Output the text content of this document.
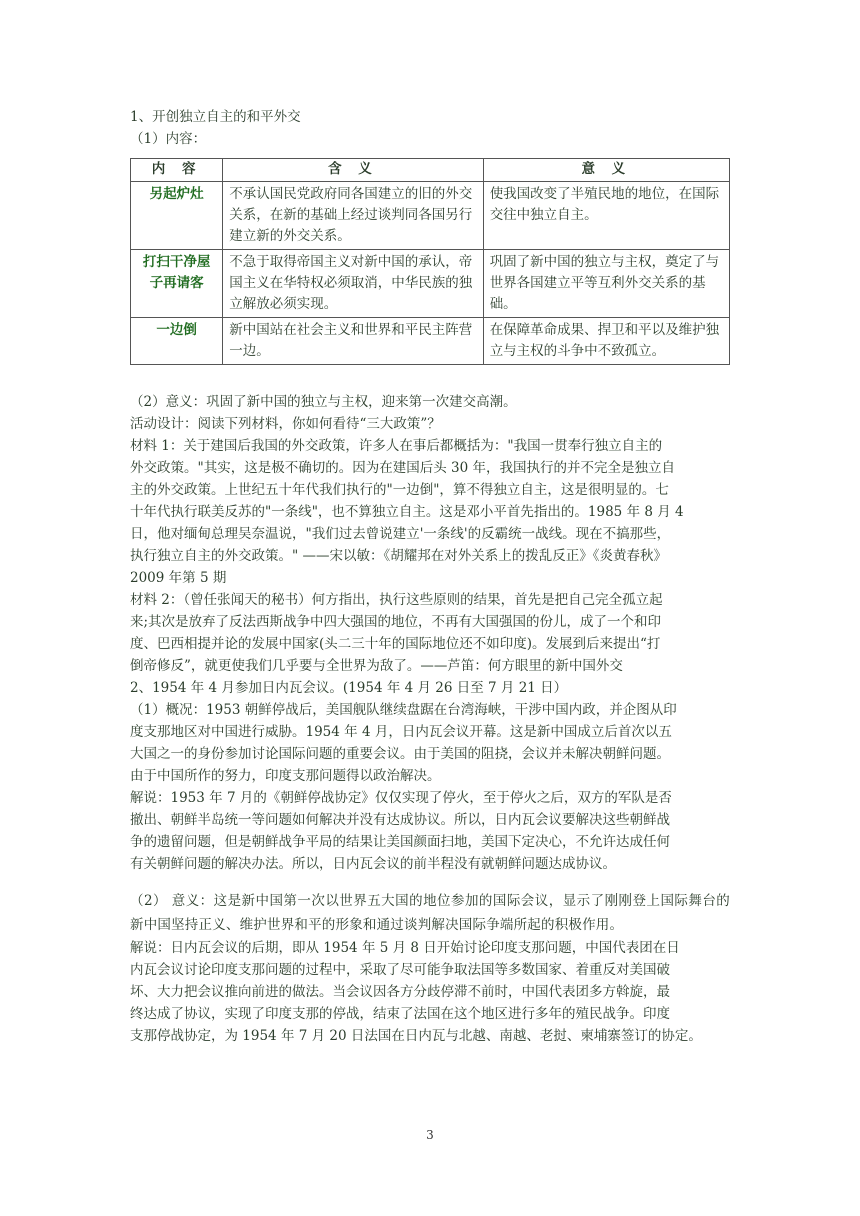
1、开创独立自主的和平外交
（1）内容：
内 容	含 义	意 义
另起炉灶	不承认国民党政府同各国建立的旧的外交关系，在新的基础上经过谈判同各国另行建立新的外交关系。	使我国改变了半殖民地的地位，在国际交往中独立自主。
打扫干净屋子再请客	不急于取得帝国主义对新中国的承认，帝国主义在华特权必须取消，中华民族的独立解放必须实现。	巩固了新中国的独立与主权，奠定了与世界各国建立平等互利外交关系的基础。
一边倒	新中国站在社会主义和世界和平民主阵营一边。	在保障革命成果、捍卫和平以及维护独立与主权的斗争中不致孤立。
（2）意义：巩固了新中国的独立与主权，迎来第一次建交高潮。
活动设计：阅读下列材料，你如何看待“三大政策”？
材料 1：关于建国后我国的外交政策，许多人在事后都概括为："我国一贯奉行独立自主的
外交政策。"其实，这是极不确切的。因为在建国后头 30 年，我国执行的并不完全是独立自
主的外交政策。上世纪五十年代我们执行的"一边倒"，算不得独立自主，这是很明显的。七
十年代执行联美反苏的"一条线"，也不算独立自主。这是邓小平首先指出的。1985 年 8 月 4
日，他对缅甸总理吴奈温说，"我们过去曾说建立'一条线'的反霸统一战线。现在不搞那些，
执行独立自主的外交政策。" ——宋以敏：《胡耀邦在对外关系上的拨乱反正》《炎黄春秋》
2009 年第 5 期
材料 2：（曾任张闻天的秘书）何方指出，执行这些原则的结果，首先是把自己完全孤立起
来;其次是放弃了反法西斯战争中四大强国的地位，不再有大国强国的份儿，成了一个和印
度、巴西相提并论的发展中国家(头二三十年的国际地位还不如印度)。发展到后来提出“打
倒帝修反”，就更使我们几乎要与全世界为敌了。——芦笛：何方眼里的新中国外交
2、1954 年 4 月参加日内瓦会议。(1954 年 4 月 26 日至 7 月 21 日）
（1）概况：1953 朝鲜停战后，美国舰队继续盘踞在台湾海峡，干涉中国内政，并企图从印
度支那地区对中国进行威胁。1954 年 4 月，日内瓦会议开幕。这是新中国成立后首次以五
大国之一的身份参加讨论国际问题的重要会议。由于美国的阻挠，会议并未解决朝鲜问题。
由于中国所作的努力，印度支那问题得以政治解决。
解说：1953 年 7 月的《朝鲜停战协定》仅仅实现了停火，至于停火之后，双方的军队是否
撤出、朝鲜半岛统一等问题如何解决并没有达成协议。所以，日内瓦会议要解决这些朝鲜战
争的遗留问题，但是朝鲜战争平局的结果让美国颜面扫地，美国下定决心，不允许达成任何
有关朝鲜问题的解决办法。所以，日内瓦会议的前半程没有就朝鲜问题达成协议。
（2） 意义：这是新中国第一次以世界五大国的地位参加的国际会议，显示了刚刚登上国际舞台的新中国坚持正义、维护世界和平的形象和通过谈判解决国际争端所起的积极作用。
解说：日内瓦会议的后期，即从 1954 年 5 月 8 日开始讨论印度支那问题，中国代表团在日
内瓦会议讨论印度支那问题的过程中，采取了尽可能争取法国等多数国家、着重反对美国破
坏、大力把会议推向前进的做法。当会议因各方分歧停滞不前时，中国代表团多方斡旋，最
终达成了协议，实现了印度支那的停战，结束了法国在这个地区进行多年的殖民战争。印度
支那停战协定，为 1954 年 7 月 20 日法国在日内瓦与北越、南越、老挝、柬埔寨签订的协定。
3
